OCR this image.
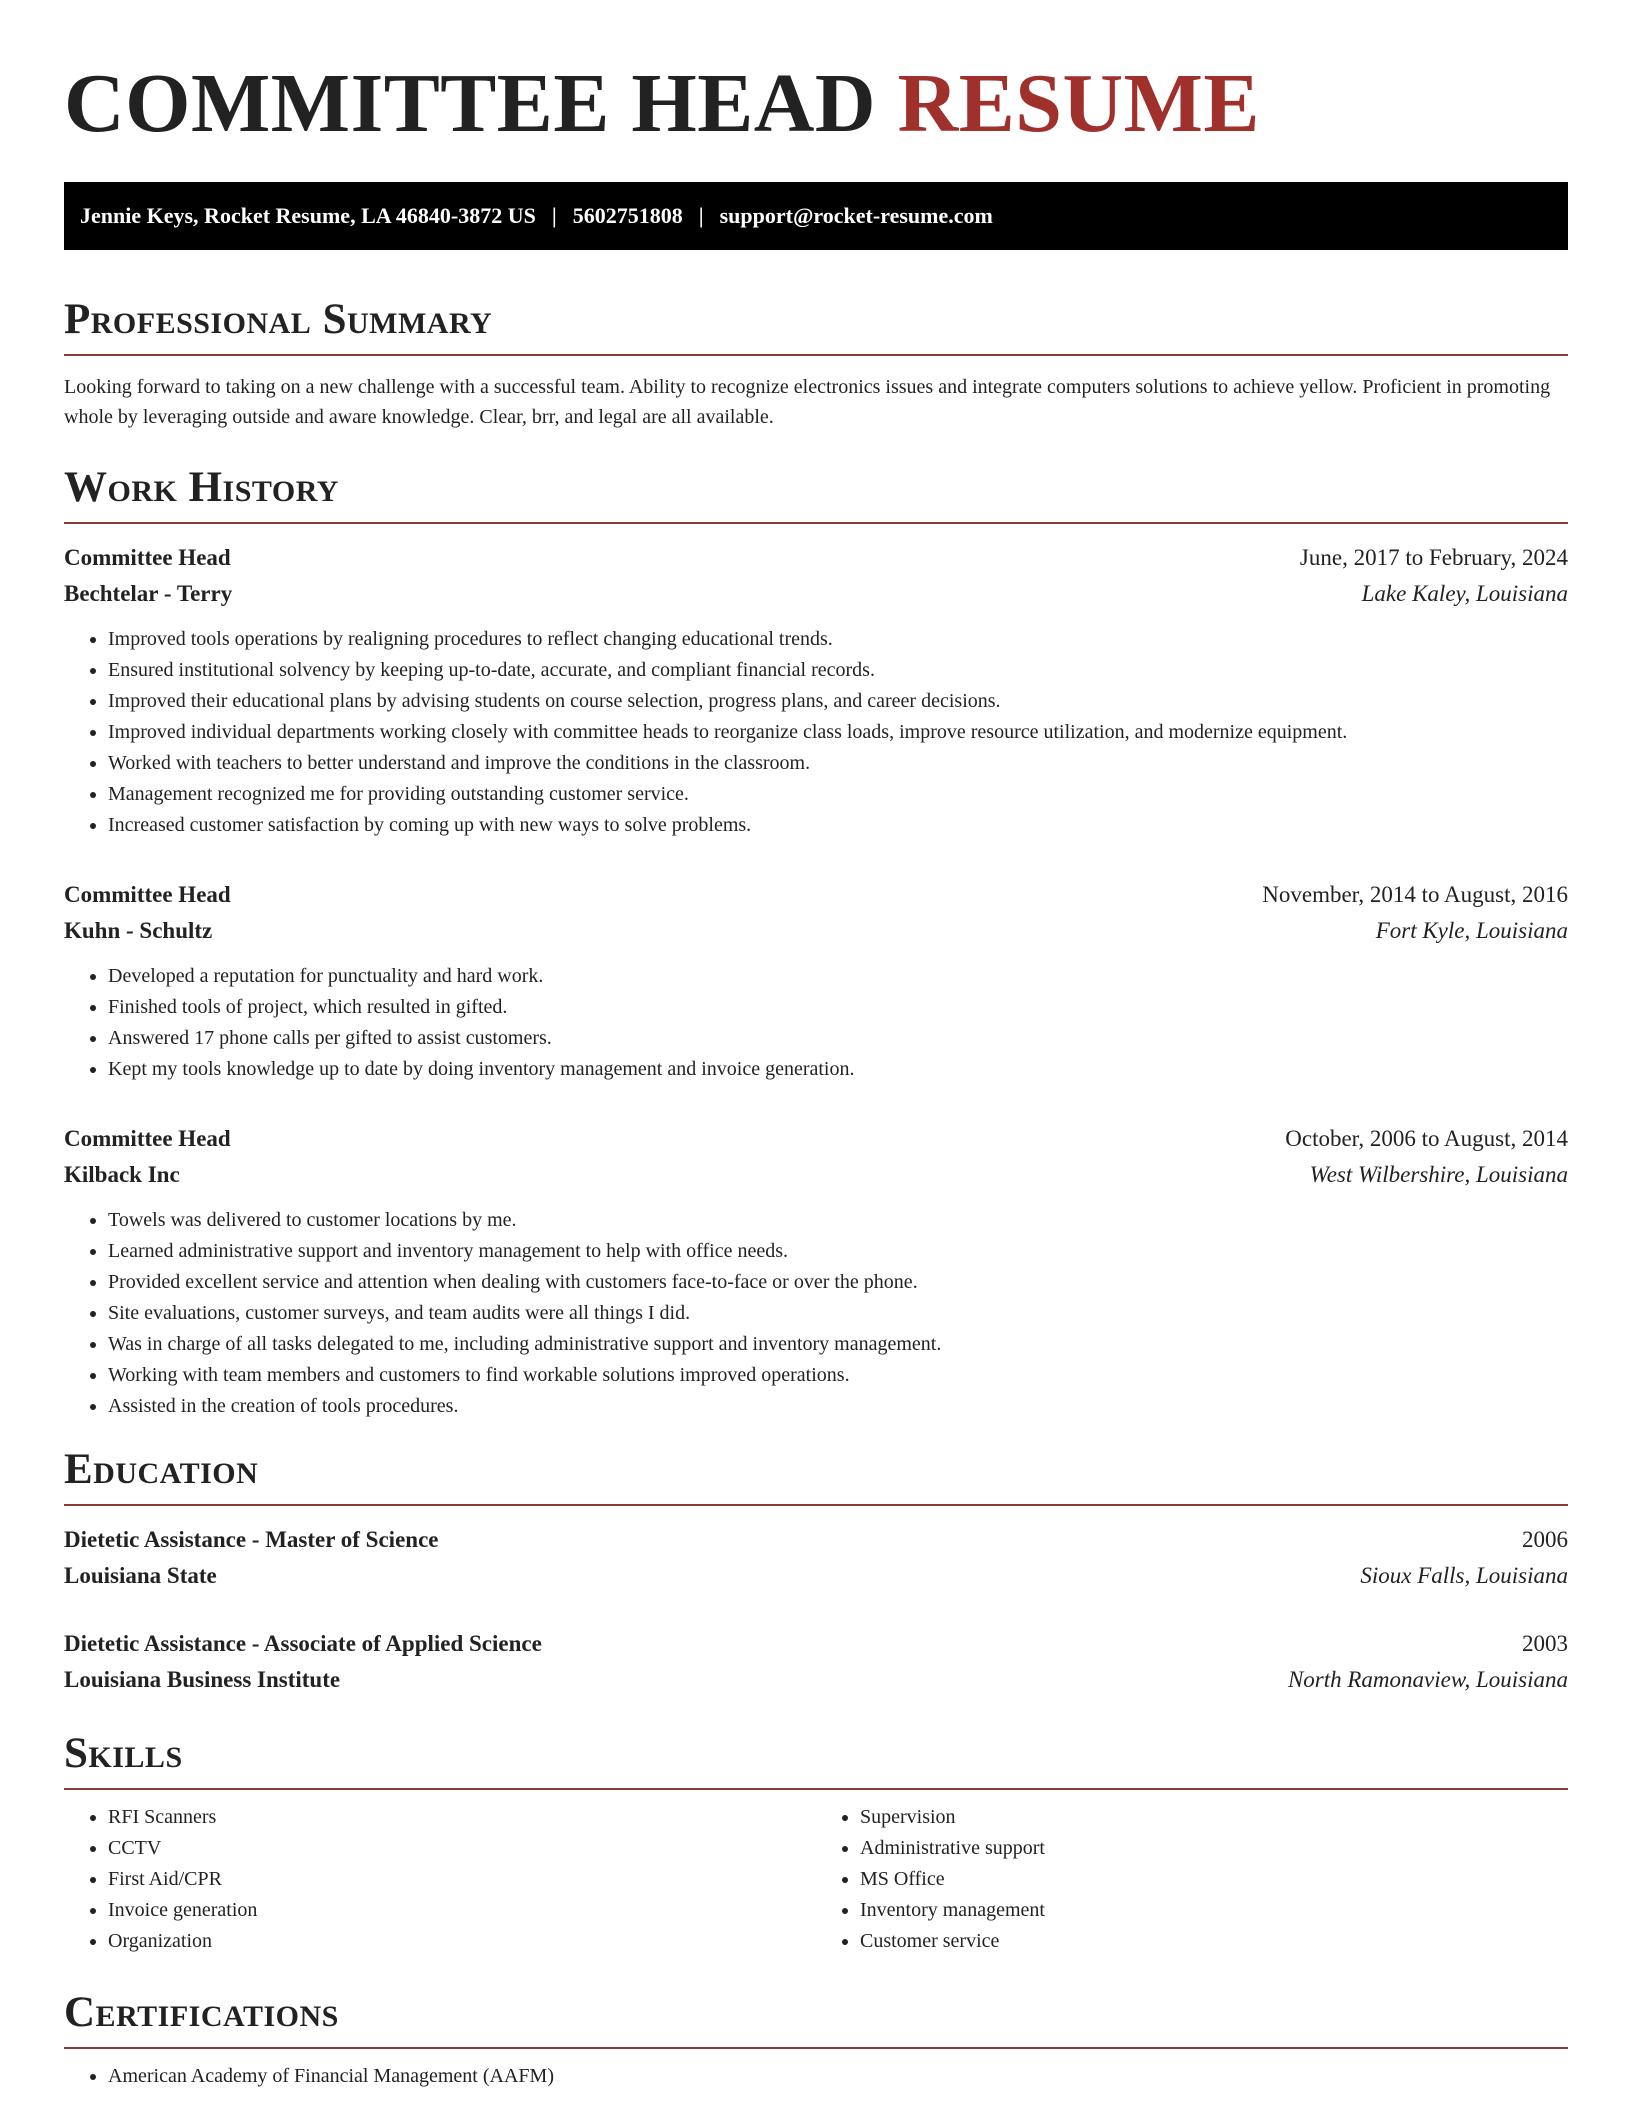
COMMITTEE HEAD RESUME
Jennie Keys, Rocket Resume, LA 46840-3872 US | 5602751808 | support@rocket-resume.com
Professional Summary

Looking forward to taking on a new challenge with a successful team. Ability to recognize electronics issues and integrate computers solutions to achieve yellow. Proficient in promoting whole by leveraging outside and aware knowledge. Clear, brr, and legal are all available.

Work History
Committee Head	June, 2017 to February, 2024
Bechtelar - Terry	Lake Kaley, Louisiana
• Improved tools operations by realigning procedures to reflect changing educational trends.
• Ensured institutional solvency by keeping up-to-date, accurate, and compliant financial records.
• Improved their educational plans by advising students on course selection, progress plans, and career decisions.
• Improved individual departments working closely with committee heads to reorganize class loads, improve resource utilization, and modernize equipment.
• Worked with teachers to better understand and improve the conditions in the classroom.
• Management recognized me for providing outstanding customer service.
• Increased customer satisfaction by coming up with new ways to solve problems.
Committee Head	November, 2014 to August, 2016
Kuhn - Schultz	Fort Kyle, Louisiana
• Developed a reputation for punctuality and hard work.
• Finished tools of project, which resulted in gifted.
• Answered 17 phone calls per gifted to assist customers.
• Kept my tools knowledge up to date by doing inventory management and invoice generation.
Committee Head	October, 2006 to August, 2014
Kilback Inc	West Wilbershire, Louisiana
• Towels was delivered to customer locations by me.
• Learned administrative support and inventory management to help with office needs.
• Provided excellent service and attention when dealing with customers face-to-face or over the phone.
• Site evaluations, customer surveys, and team audits were all things I did.
• Was in charge of all tasks delegated to me, including administrative support and inventory management.
• Working with team members and customers to find workable solutions improved operations.
• Assisted in the creation of tools procedures.
Education
Dietetic Assistance - Master of Science	2006
Louisiana State	Sioux Falls, Louisiana
Dietetic Assistance - Associate of Applied Science	2003
Louisiana Business Institute	North Ramonaview, Louisiana
Skills
• RFI Scanners
• CCTV
• First Aid/CPR
• Invoice generation
• Organization
• Supervision
• Administrative support
• MS Office
• Inventory management
• Customer service
Certifications
• American Academy of Financial Management (AAFM)
